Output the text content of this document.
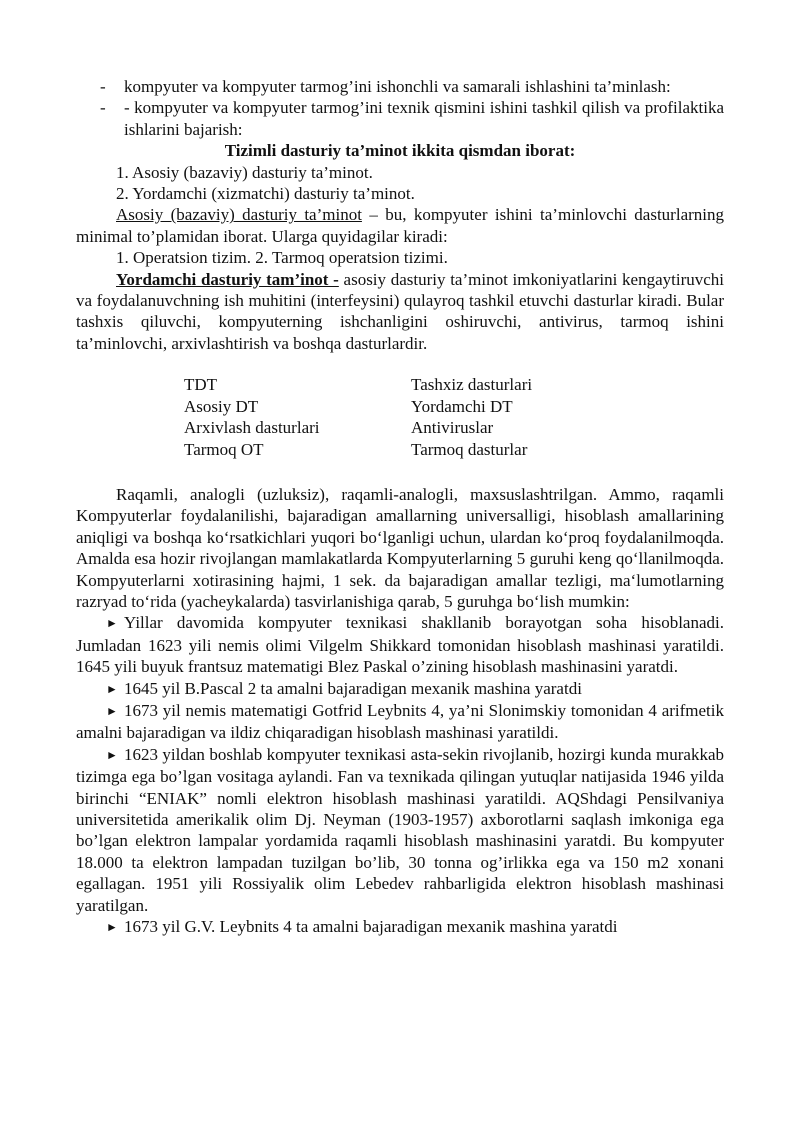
- kompyuter va kompyuter tarmog’ini ishonchli va samarali ishlashini ta’minlash:

- - kompyuter va kompyuter tarmog’ini texnik qismini ishini tashkil qilish va profilaktika ishlarini bajarish:

Tizimli dasturiy ta’minot ikkita qismdan iborat:

1. Asosiy (bazaviy) dasturiy ta’minot.

2. Yordamchi (xizmatchi) dasturiy ta’minot.

Asosiy (bazaviy) dasturiy ta’minot – bu, kompyuter ishini ta’minlovchi dasturlarning minimal to’plamidan iborat. Ulargа quyidagilar kiradi:

1. Operatsion tizim. 2. Tarmoq operatsion tizimi.

Yordamchi dasturiy tam’inot - asosiy dasturiy ta’minot imkoniyatlarini kengaytiruvchi va foydalanuvchning ish muhitini (interfeysini) qulayroq tashkil etuvchi dasturlar kiradi. Bular tashxis qiluvchi, kompyuterning ishchanligini oshiruvchi, antivirus, tarmoq ishini ta’minlovchi, arxivlashtirish va boshqa dasturlardir.

TDT	Tashxiz dasturlari
Asosiy DT	Yordamchi DT
Arxivlash dasturlari	Antiviruslar
Tarmoq OT	Tarmoq dasturlar

Raqamli, analogli (uzluksiz), raqamli-analogli, maxsuslashtrilgan. Ammo, raqamli Kompyuterlar foydalanilishi, bajaradigan amallarning universalligi, hisoblash amallarining aniqligi va boshqa ko‘rsatkichlari yuqori bo‘lganligi uchun, ulardan ko‘proq foydalanilmoqda. Amalda esa hozir rivojlangan mamlakatlarda Kompyuterlarning 5 guruhi keng qo‘llanilmoqda. Kompyuterlarni xotirasining hajmi, 1 sek. da bajaradigan amallar tezligi, ma‘lumotlarning razryad to‘rida (yacheykalarda) tasvirlanishiga qarab, 5 guruhga bo‘lish mumkin:

► Yillar davomida kompyuter texnikasi shakllanib borayotgan soha hisoblanadi. Jumladan 1623 yili nemis olimi Vilgelm Shikkard tomonidan hisoblash mashinasi yaratildi. 1645 yili buyuk frantsuz matematigi Blez Paskal o’zining hisoblash mashinasini yaratdi.

► 1645 yil B.Pascal 2 ta amalni bajaradigan mexanik mashina yaratdi

► 1673 yil nemis matematigi Gotfrid Leybnits 4, ya’ni Slonimskiy tomonidan 4 arifmetik amalni bajaradigan va ildiz chiqaradigan hisoblash mashinasi yaratildi.

► 1623 yildan boshlab kompyuter texnikasi asta-sekin rivojlanib, hozirgi kunda murakkab tizimga ega bo’lgan vositaga aylandi. Fan va texnikada qilingan yutuqlar natijasida 1946 yilda birinchi “ENIAK” nomli elektron hisoblash mashinasi yaratildi. AQShdagi Pensilvaniya universitetida amerikalik olim Dj. Neyman (1903-1957) axborotlarni saqlash imkoniga ega bo’lgan elektron lampalar yordamida raqamli hisoblash mashinasini yaratdi. Bu kompyuter 18.000 ta elektron lampadan tuzilgan bo’lib, 30 tonna og’irlikka ega va 150 m2 xonani egallagan. 1951 yili Rossiyalik olim Lebedev rahbarligida elektron hisoblash mashinasi yaratilgan.

► 1673 yil G.V. Leybnits 4 ta amalni bajaradigan mexanik mashina yaratdi
